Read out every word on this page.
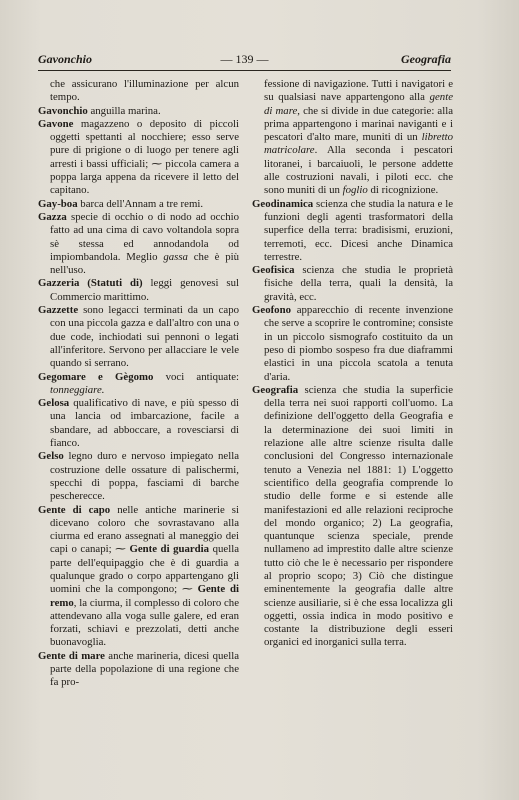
Gavonchio	— 139 —	Geografia

che assicurano l'illuminazione per alcun tempo.

Gavonchio anguilla marina.

Gavone magazzeno o deposito di piccoli oggetti spettanti al nocchiere; esso serve pure di prigione o di luogo per tenere agli arresti i bassi ufficiali; ⁓ piccola camera a poppa larga appena da ricevere il letto del capitano.

Gay-boa barca dell'Annam a tre remi.

Gazza specie di occhio o di nodo ad occhio fatto ad una cima di cavo voltandola sopra sè stessa ed annodandola od impiombandola. Meglio gassa che è più nell'uso.

Gazzeria (Statuti di) leggi genovesi sul Commercio marittimo.

Gazzette sono legacci terminati da un capo con una piccola gazza e dall'altro con una o due code, inchiodati sui pennoni o legati all'inferitore. Servono per allacciare le vele quando si serrano.

Gegomare e Gègomo voci antiquate: tonneggiare.

Gelosa qualificativo di nave, e più spesso di una lancia od imbarcazione, facile a sbandare, ad abboccare, a rovesciarsi di fianco.

Gelso legno duro e nervoso impiegato nella costruzione delle ossature di palischermi, specchi di poppa, fasciami di barche pescherecce.

Gente di capo nelle antiche marinerie si dicevano coloro che sovrastavano alla ciurma ed erano assegnati al maneggio dei capi o canapi; ⁓ Gente di guardia quella parte dell'equipaggio che è di guardia a qualunque grado o corpo appartengano gli uomini che la compongono; ⁓ Gente di remo, la ciurma, il complesso di coloro che attendevano alla voga sulle galere, ed eran forzati, schiavi e prezzolati, detti anche buonavoglia.

Gente di mare anche marineria, dicesi quella parte della popolazione di una regione che fa pro-

fessione di navigazione. Tutti i navigatori e su qualsiasi nave appartengono alla gente di mare, che si divide in due categorie: alla prima appartengono i marinai naviganti e i pescatori d'alto mare, muniti di un libretto matricolare. Alla seconda i pescatori litoranei, i barcaiuoli, le persone addette alle costruzioni navali, i piloti ecc. che sono muniti di un foglio di ricognizione.

Geodinamica scienza che studia la natura e le funzioni degli agenti trasformatori della superfice della terra: bradisismi, eruzioni, terremoti, ecc. Dicesi anche Dinamica terrestre.

Geofisica scienza che studia le proprietà fisiche della terra, quali la densità, la gravità, ecc.

Geofono apparecchio di recente invenzione che serve a scoprire le contromine; consiste in un piccolo sismografo costituito da un peso di piombo sospeso fra due diaframmi elastici in una piccola scatola a tenuta d'aria.

Geografia scienza che studia la superficie della terra nei suoi rapporti coll'uomo. La definizione dell'oggetto della Geografia e la determinazione dei suoi limiti in relazione alle altre scienze risulta dalle conclusioni del Congresso internazionale tenuto a Venezia nel 1881: 1) L'oggetto scientifico della geografia comprende lo studio delle forme e si estende alle manifestazioni ed alle relazioni reciproche del mondo organico; 2) La geografia, quantunque scienza speciale, prende nullameno ad imprestito dalle altre scienze tutto ciò che le è necessario per rispondere al proprio scopo; 3) Ciò che distingue eminentemente la geografia dalle altre scienze ausiliarie, si è che essa localizza gli oggetti, ossia indica in modo positivo e costante la distribuzione degli esseri organici ed inorganici sulla terra.
